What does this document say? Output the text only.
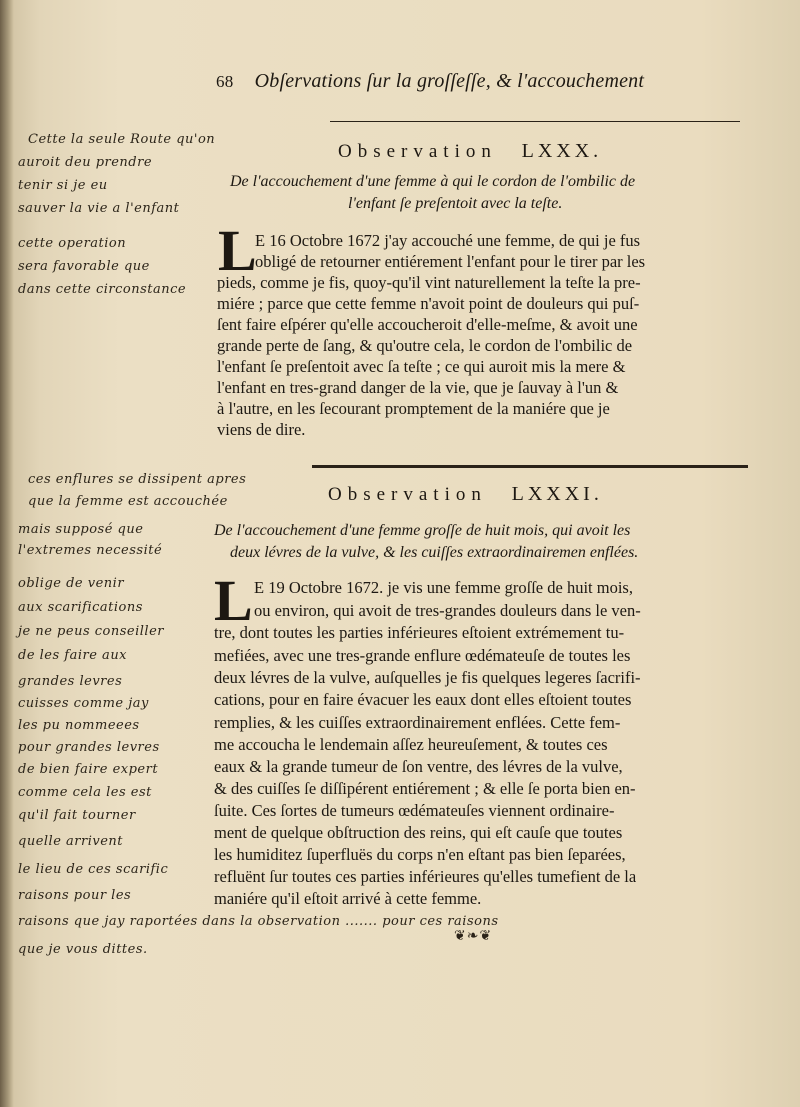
68 Obſervations ſur la groſſeſſe, & l'accouchement
Observation LXXX.
De l'accouchement d'une femme à qui le cordon de l'ombilic de
l'enfant ſe preſentoit avec la teſte.
L
E 16 Octobre 1672 j'ay accouché une femme, de qui je fus
obligé de retourner entiérement l'enfant pour le tirer par les
pieds, comme je fis, quoy-qu'il vint naturellement la teſte la pre-
miére ; parce que cette femme n'avoit point de douleurs qui puſ-
ſent faire eſpérer qu'elle accoucheroit d'elle-meſme, & avoit une
grande perte de ſang, & qu'outre cela, le cordon de l'ombilic de
l'enfant ſe preſentoit avec ſa teſte ; ce qui auroit mis la mere &
l'enfant en tres-grand danger de la vie, que je ſauvay à l'un &
à l'autre, en les ſecourant promptement de la maniére que je
viens de dire.
Observation LXXXI.
De l'accouchement d'une femme groſſe de huit mois, qui avoit les
deux lévres de la vulve, & les cuiſſes extraordinairemen enflées.
L E 19 Octobre 1672. je vis une femme groſſe de huit mois,
ou environ, qui avoit de tres-grandes douleurs dans le ven-
tre, dont toutes les parties inférieures eſtoient extrémement tu-
mefiées, avec une tres-grande enflure œdémateuſe de toutes les
deux lévres de la vulve, auſquelles je fis quelques legeres ſacrifi-
cations, pour en faire évacuer les eaux dont elles eſtoient toutes
remplies, & les cuiſſes extraordinairement enflées. Cette fem-
me accoucha le lendemain aſſez heureuſement, & toutes ces
eaux & la grande tumeur de ſon ventre, des lévres de la vulve,
& des cuiſſes ſe diſſipérent entiérement ; & elle ſe porta bien en-
ſuite. Ces ſortes de tumeurs œdémateuſes viennent ordinaire-
ment de quelque obſtruction des reins, qui eſt cauſe que toutes
les humiditez ſuperfluës du corps n'en eſtant pas bien ſeparées,
refluënt ſur toutes ces parties inférieures qu'elles tumefient de la
maniére qu'il eſtoit arrivé à cette femme.
Cette la seule Route qu'on
auroit deu prendre
tenir si je eu
sauver la vie a l'enfant
cette operation
sera favorable que
dans cette circonstance
ces enflures se dissipent apres
que la femme est accouchée
mais supposé que
l'extremes necessité
oblige de venir
aux scarifications
je ne peus conseiller
de les faire aux
grandes levres
cuisses comme jay
les pu nommeees
pour grandes levres
de bien faire expert
comme cela les est
qu'il fait tourner
quelle arrivent
le lieu de ces scarific
raisons pour les
raisons que jay raportées dans la observation ....... pour ces raisons
que je vous dittes.
❦❧❦
